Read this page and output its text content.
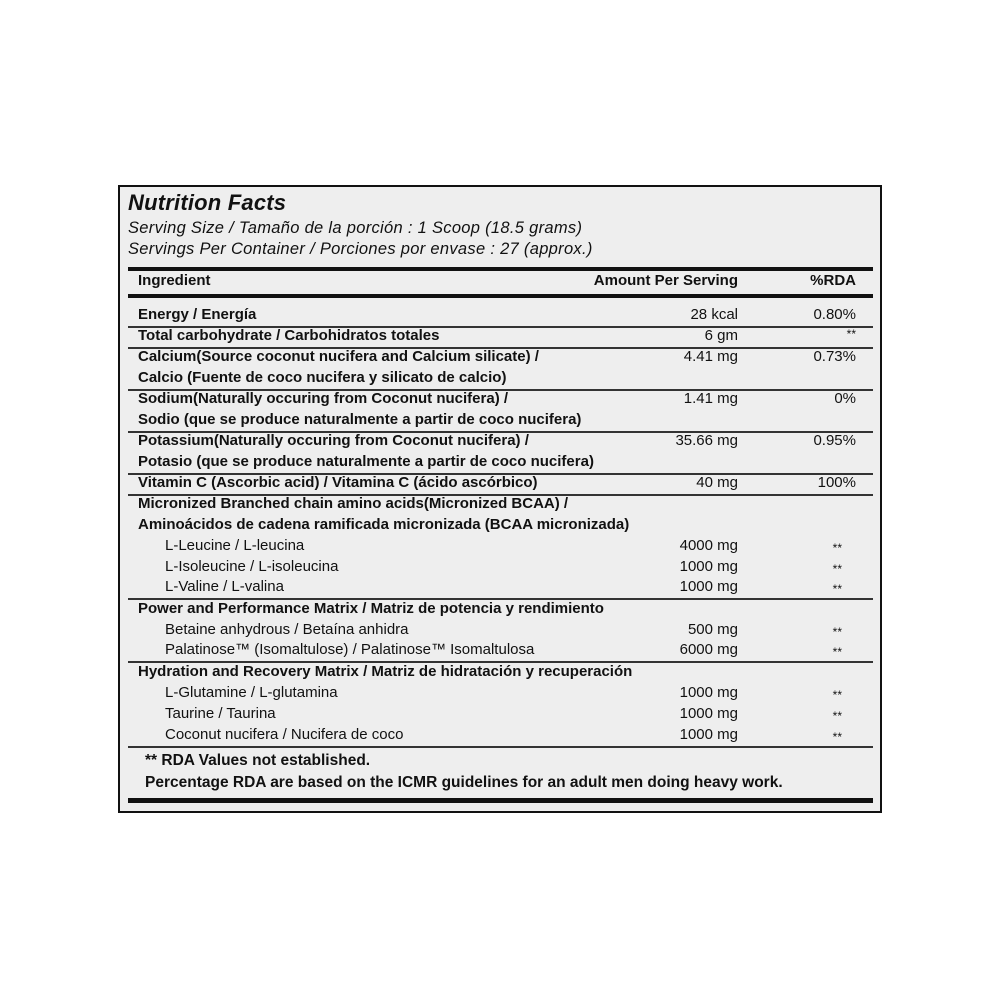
Nutrition Facts
Serving Size / Tamaño de la porción : 1 Scoop (18.5 grams)
Servings Per Container / Porciones por envase : 27 (approx.)
Ingredient	Amount Per Serving	%RDA
Energy / Energía	28 kcal	0.80%
Total carbohydrate / Carbohidratos totales	6 gm	**
Calcium(Source coconut nucifera and Calcium silicate) /	4.41 mg	0.73%
Calcio (Fuente de coco nucifera y silicato de calcio)
Sodium(Naturally occuring from Coconut nucifera) /	1.41 mg	0%
Sodio (que se produce naturalmente a partir de coco nucifera)
Potassium(Naturally occuring from Coconut nucifera) /	35.66 mg	0.95%
Potasio (que se produce naturalmente a partir de coco nucifera)
Vitamin C (Ascorbic acid) / Vitamina C (ácido ascórbico)	40 mg	100%
Micronized Branched chain amino acids(Micronized BCAA) /
Aminoácidos de cadena ramificada micronizada (BCAA micronizada)
L-Leucine / L-leucina	4000 mg	**
L-Isoleucine / L-isoleucina	1000 mg	**
L-Valine / L-valina	1000 mg	**
Power and Performance Matrix / Matriz de potencia y rendimiento
Betaine anhydrous / Betaína anhidra	500 mg	**
Palatinose™ (Isomaltulose) / Palatinose™ Isomaltulosa	6000 mg	**
Hydration and Recovery Matrix / Matriz de hidratación y recuperación
L-Glutamine / L-glutamina	1000 mg	**
Taurine / Taurina	1000 mg	**
Coconut nucifera / Nucifera de coco	1000 mg	**
** RDA Values not established.
Percentage RDA are based on the ICMR guidelines for an adult men doing heavy work.
